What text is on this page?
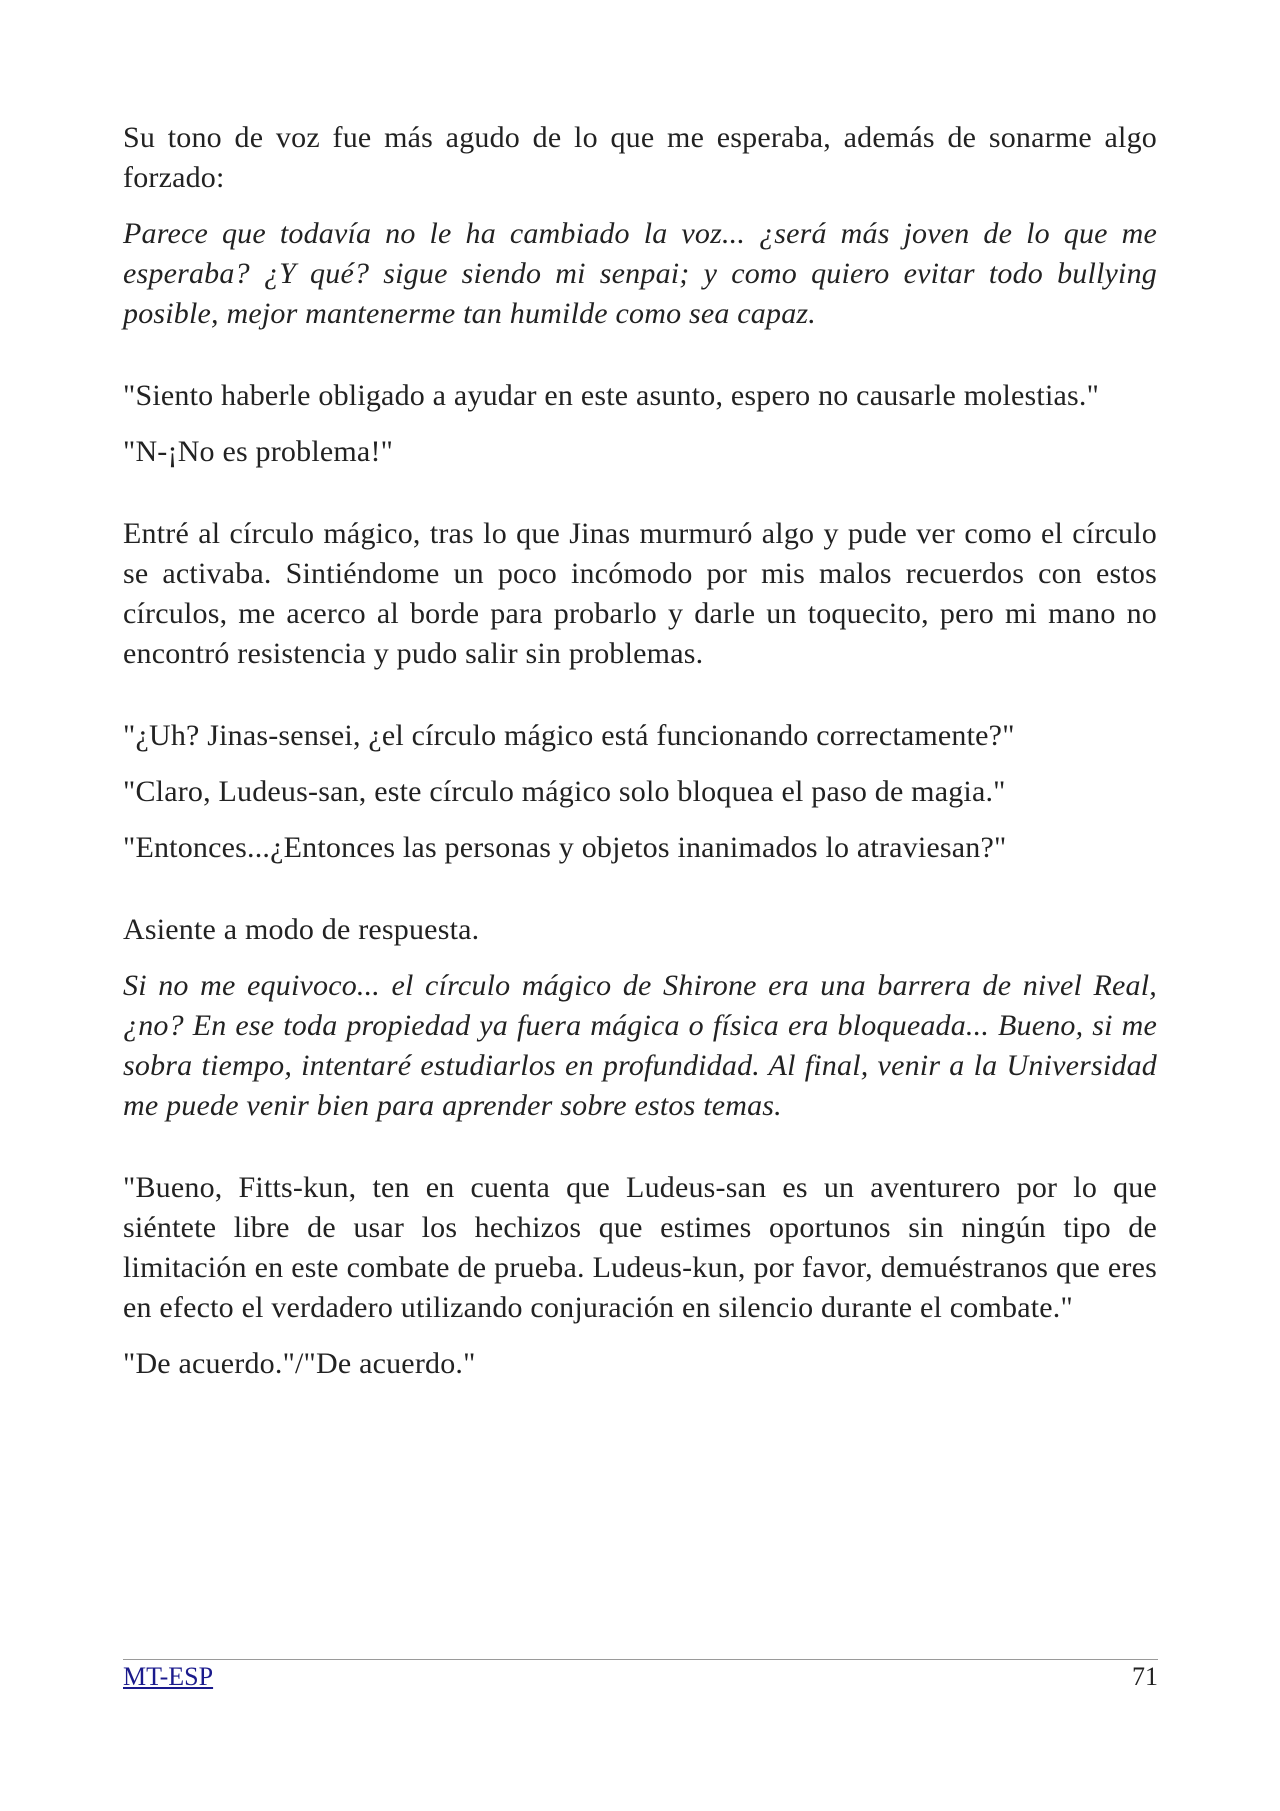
Su tono de voz fue más agudo de lo que me esperaba, además de sonarme algo forzado:

Parece que todavía no le ha cambiado la voz... ¿será más joven de lo que me esperaba? ¿Y qué? sigue siendo mi senpai; y como quiero evitar todo bullying posible, mejor mantenerme tan humilde como sea capaz.

"Siento haberle obligado a ayudar en este asunto, espero no causarle molestias."

"N-¡No es problema!"

Entré al círculo mágico, tras lo que Jinas murmuró algo y pude ver como el círculo se activaba. Sintiéndome un poco incómodo por mis malos recuerdos con estos círculos, me acerco al borde para probarlo y darle un toquecito, pero mi mano no encontró resistencia y pudo salir sin problemas.

"¿Uh? Jinas-sensei, ¿el círculo mágico está funcionando correctamente?"

"Claro, Ludeus-san, este círculo mágico solo bloquea el paso de magia."

"Entonces...¿Entonces las personas y objetos inanimados lo atraviesan?"

Asiente a modo de respuesta.

Si no me equivoco... el círculo mágico de Shirone era una barrera de nivel Real, ¿no? En ese toda propiedad ya fuera mágica o física era bloqueada... Bueno, si me sobra tiempo, intentaré estudiarlos en profundidad. Al final, venir a la Universidad me puede venir bien para aprender sobre estos temas.

"Bueno, Fitts-kun, ten en cuenta que Ludeus-san es un aventurero por lo que siéntete libre de usar los hechizos que estimes oportunos sin ningún tipo de limitación en este combate de prueba. Ludeus-kun, por favor, demuéstranos que eres en efecto el verdadero utilizando conjuración en silencio durante el combate."

"De acuerdo."/"De acuerdo."

MT-ESP	71
